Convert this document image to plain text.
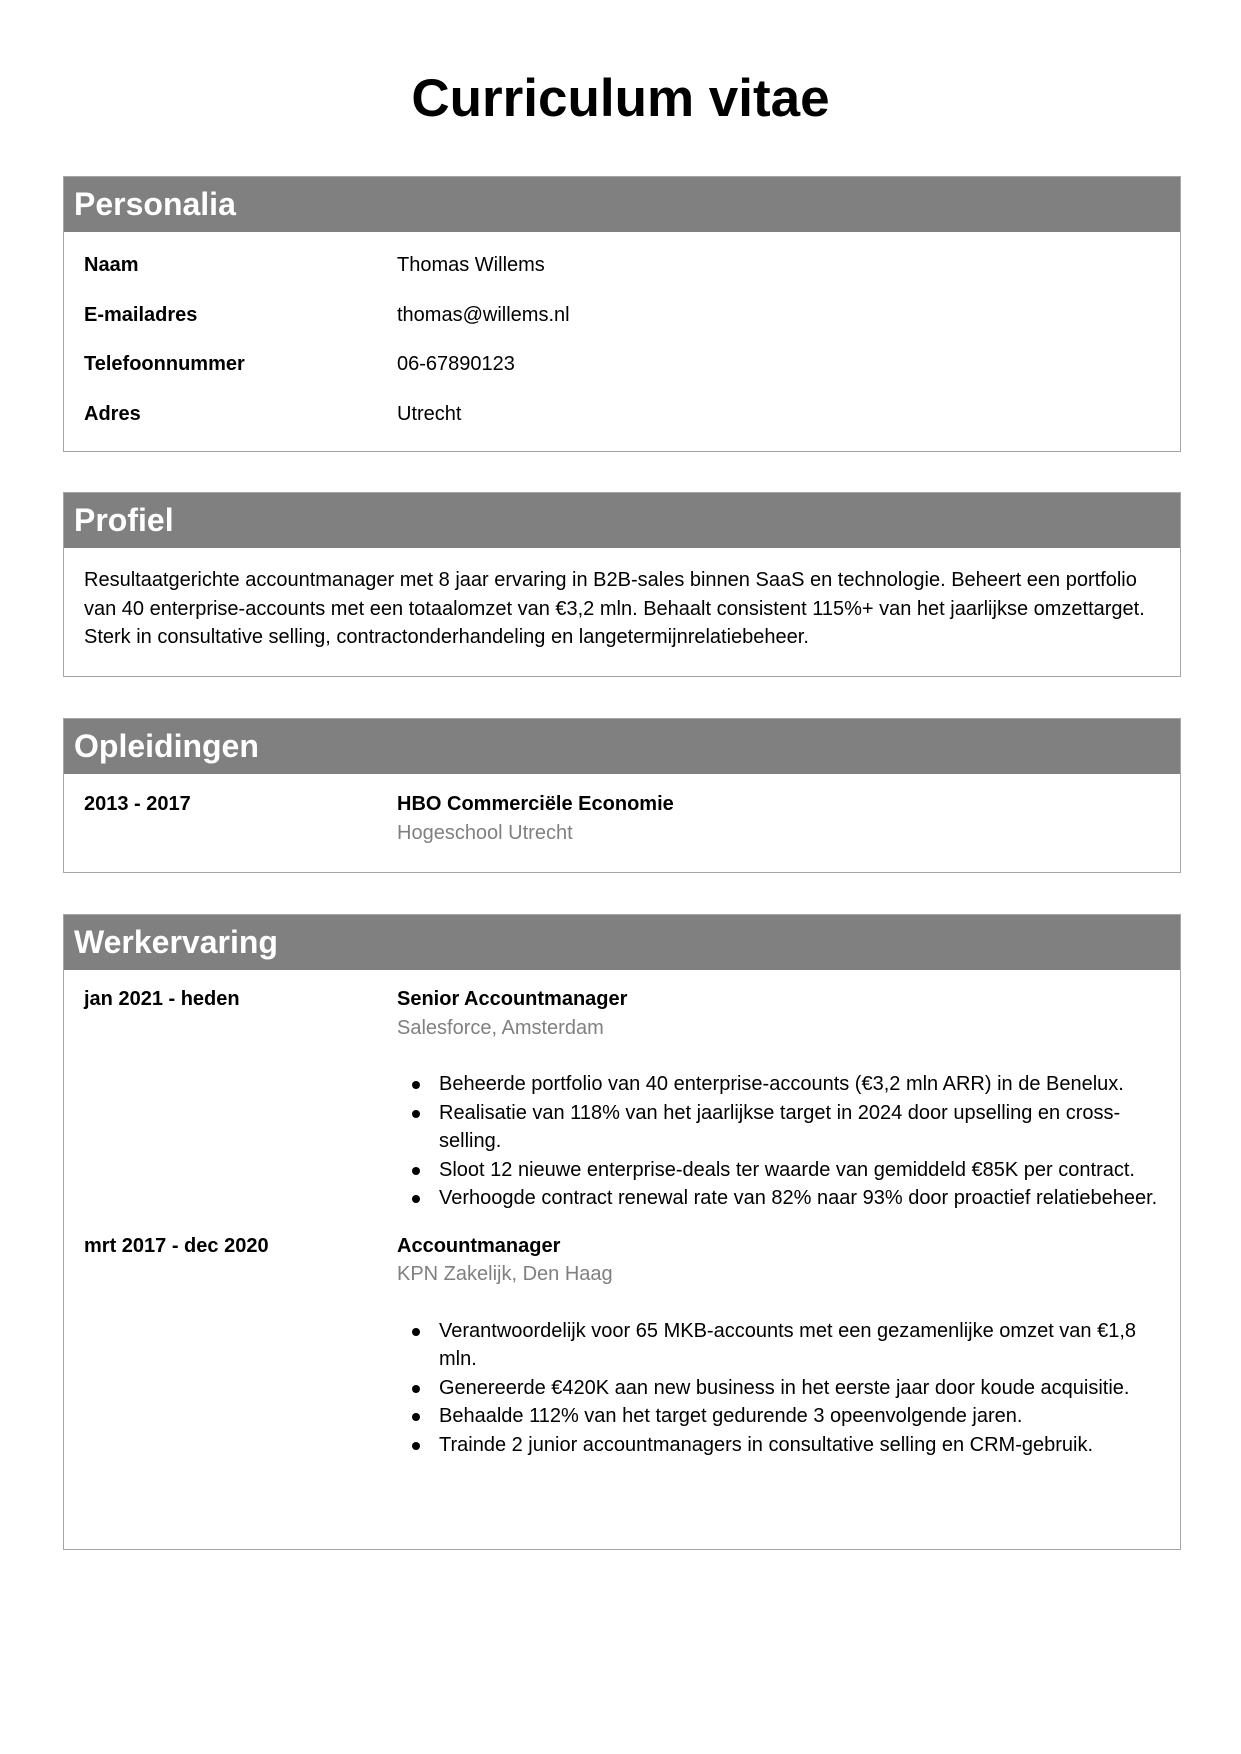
Curriculum vitae
Personalia
Naam	Thomas Willems
E-mailadres	thomas@willems.nl
Telefoonnummer	06-67890123
Adres	Utrecht
Profiel
Resultaatgerichte accountmanager met 8 jaar ervaring in B2B-sales binnen SaaS en technologie. Beheert een portfolio van 40 enterprise-accounts met een totaalomzet van €3,2 mln. Behaalt consistent 115%+ van het jaarlijkse omzettarget. Sterk in consultative selling, contractonderhandeling en langetermijnrelatiebeheer.
Opleidingen
2013 - 2017	HBO Commerciële Economie
Hogeschool Utrecht
Werkervaring
jan 2021 - heden	Senior Accountmanager
Salesforce, Amsterdam
Beheerde portfolio van 40 enterprise-accounts (€3,2 mln ARR) in de Benelux.
Realisatie van 118% van het jaarlijkse target in 2024 door upselling en cross-selling.
Sloot 12 nieuwe enterprise-deals ter waarde van gemiddeld €85K per contract.
Verhoogde contract renewal rate van 82% naar 93% door proactief relatiebeheer.
mrt 2017 - dec 2020	Accountmanager
KPN Zakelijk, Den Haag
Verantwoordelijk voor 65 MKB-accounts met een gezamenlijke omzet van €1,8 mln.
Genereerde €420K aan new business in het eerste jaar door koude acquisitie.
Behaalde 112% van het target gedurende 3 opeenvolgende jaren.
Trainde 2 junior accountmanagers in consultative selling en CRM-gebruik.
